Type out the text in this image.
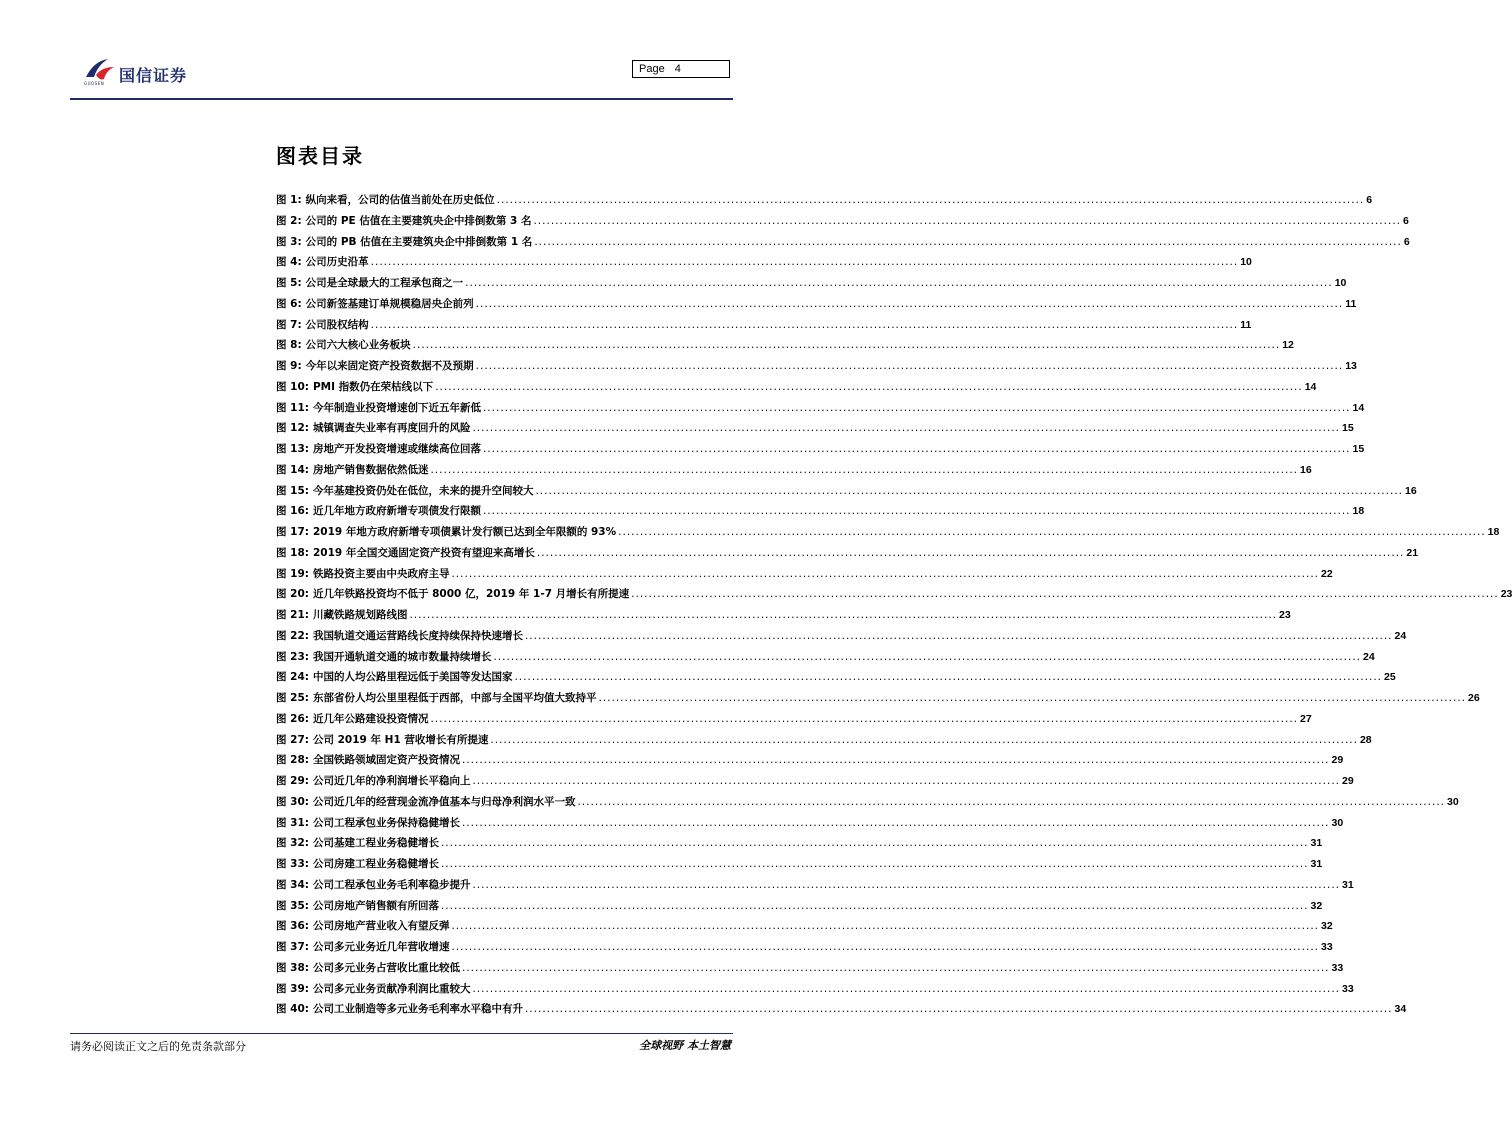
国信证券
GUOSEN
Page 4
图表目录
图 1: 纵向来看，公司的估值当前处在历史低位 ........................................................................................................................................................................................................ 6
图 2: 公司的 PE 估值在主要建筑央企中排倒数第 3 名 ........................................................................................................................................................................................................ 6
图 3: 公司的 PB 估值在主要建筑央企中排倒数第 1 名 ........................................................................................................................................................................................................ 6
图 4: 公司历史沿革 ........................................................................................................................................................................................................ 10
图 5: 公司是全球最大的工程承包商之一 ........................................................................................................................................................................................................ 10
图 6: 公司新签基建订单规模稳居央企前列 ........................................................................................................................................................................................................ 11
图 7: 公司股权结构 ........................................................................................................................................................................................................ 11
图 8: 公司六大核心业务板块 ........................................................................................................................................................................................................ 12
图 9: 今年以来固定资产投资数据不及预期 ........................................................................................................................................................................................................ 13
图 10: PMI 指数仍在荣枯线以下 ........................................................................................................................................................................................................ 14
图 11: 今年制造业投资增速创下近五年新低 ........................................................................................................................................................................................................ 14
图 12: 城镇调查失业率有再度回升的风险 ........................................................................................................................................................................................................ 15
图 13: 房地产开发投资增速或继续高位回落 ........................................................................................................................................................................................................ 15
图 14: 房地产销售数据依然低迷 ........................................................................................................................................................................................................ 16
图 15: 今年基建投资仍处在低位，未来的提升空间较大 ........................................................................................................................................................................................................ 16
图 16: 近几年地方政府新增专项债发行限额 ........................................................................................................................................................................................................ 18
图 17: 2019 年地方政府新增专项债累计发行额已达到全年限额的 93% ........................................................................................................................................................................................................ 18
图 18: 2019 年全国交通固定资产投资有望迎来高增长 ........................................................................................................................................................................................................ 21
图 19: 铁路投资主要由中央政府主导 ........................................................................................................................................................................................................ 22
图 20: 近几年铁路投资均不低于 8000 亿，2019 年 1-7 月增长有所提速 ........................................................................................................................................................................................................ 23
图 21: 川藏铁路规划路线图 ........................................................................................................................................................................................................ 23
图 22: 我国轨道交通运营路线长度持续保持快速增长 ........................................................................................................................................................................................................ 24
图 23: 我国开通轨道交通的城市数量持续增长 ........................................................................................................................................................................................................ 24
图 24: 中国的人均公路里程远低于美国等发达国家 ........................................................................................................................................................................................................ 25
图 25: 东部省份人均公里里程低于西部，中部与全国平均值大致持平 ........................................................................................................................................................................................................ 26
图 26: 近几年公路建设投资情况 ........................................................................................................................................................................................................ 27
图 27: 公司 2019 年 H1 营收增长有所提速 ........................................................................................................................................................................................................ 28
图 28: 全国铁路领域固定资产投资情况 ........................................................................................................................................................................................................ 29
图 29: 公司近几年的净利润增长平稳向上 ........................................................................................................................................................................................................ 29
图 30: 公司近几年的经营现金流净值基本与归母净利润水平一致 ........................................................................................................................................................................................................ 30
图 31: 公司工程承包业务保持稳健增长 ........................................................................................................................................................................................................ 30
图 32: 公司基建工程业务稳健增长 ........................................................................................................................................................................................................ 31
图 33: 公司房建工程业务稳健增长 ........................................................................................................................................................................................................ 31
图 34: 公司工程承包业务毛利率稳步提升 ........................................................................................................................................................................................................ 31
图 35: 公司房地产销售额有所回落 ........................................................................................................................................................................................................ 32
图 36: 公司房地产营业收入有望反弹 ........................................................................................................................................................................................................ 32
图 37: 公司多元业务近几年营收增速 ........................................................................................................................................................................................................ 33
图 38: 公司多元业务占营收比重比较低 ........................................................................................................................................................................................................ 33
图 39: 公司多元业务贡献净利润比重较大 ........................................................................................................................................................................................................ 33
图 40: 公司工业制造等多元业务毛利率水平稳中有升 ........................................................................................................................................................................................................ 34
请务必阅读正文之后的免责条款部分	全球视野 本土智慧
